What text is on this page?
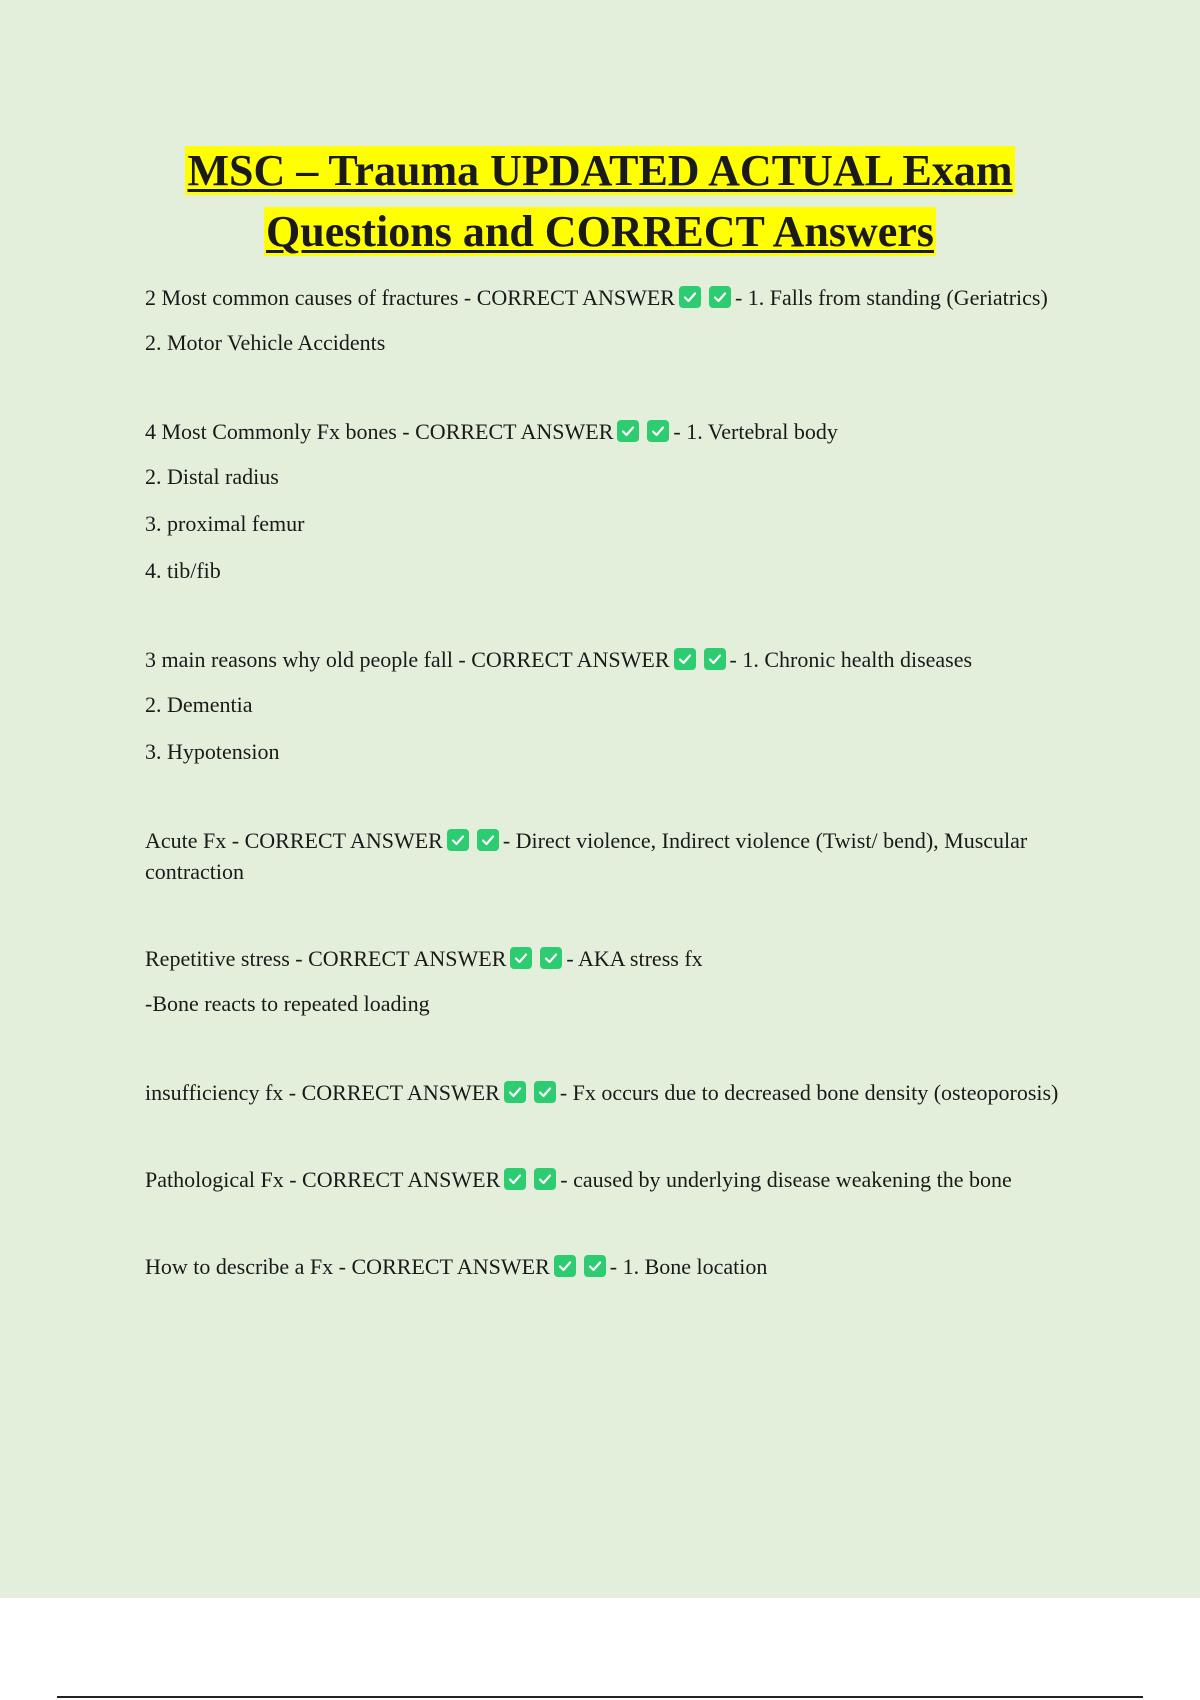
MSC – Trauma UPDATED ACTUAL Exam
Questions and CORRECT Answers

2 Most common causes of fractures - CORRECT ANSWER	- 1. Falls from standing (Geriatrics)

2. Motor Vehicle Accidents

4 Most Commonly Fx bones - CORRECT ANSWER	- 1. Vertebral body

2. Distal radius

3. proximal femur

4. tib/fib

3 main reasons why old people fall - CORRECT ANSWER	- 1. Chronic health diseases

2. Dementia

3. Hypotension

Acute Fx - CORRECT ANSWER	- Direct violence, Indirect violence (Twist/ bend), Muscular contraction

Repetitive stress - CORRECT ANSWER	- AKA stress fx

-Bone reacts to repeated loading

insufficiency fx - CORRECT ANSWER	- Fx occurs due to decreased bone density (osteoporosis)

Pathological Fx - CORRECT ANSWER	- caused by underlying disease weakening the bone

How to describe a Fx - CORRECT ANSWER	- 1. Bone location
